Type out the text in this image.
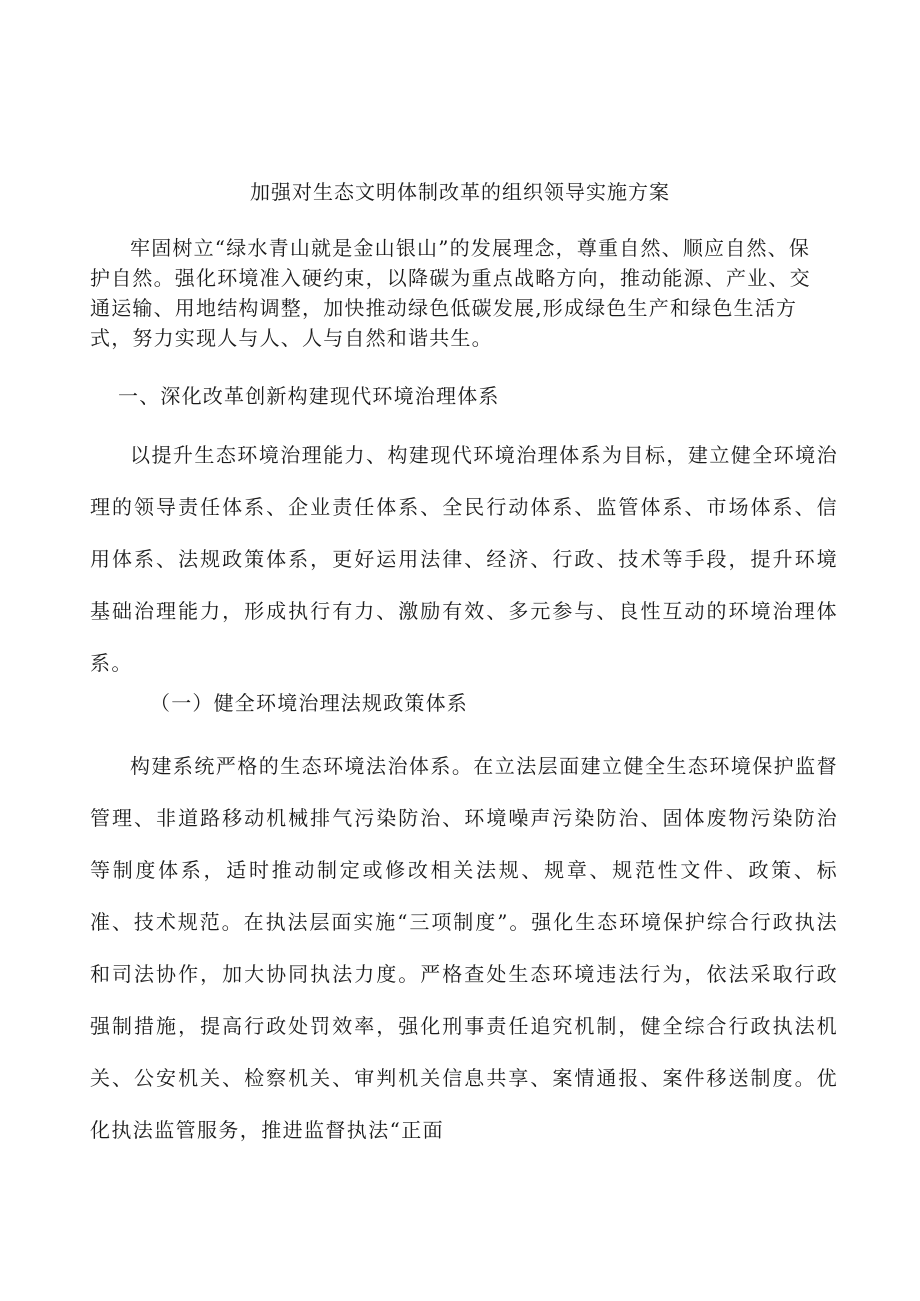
加强对生态文明体制改革的组织领导实施方案

牢固树立“绿水青山就是金山银山”的发展理念，尊重自然、顺应自然、保护自然。强化环境准入硬约束，以降碳为重点战略方向，推动能源、产业、交通运输、用地结构调整，加快推动绿色低碳发展,形成绿色生产和绿色生活方式，努力实现人与人、人与自然和谐共生。

一、深化改革创新构建现代环境治理体系

以提升生态环境治理能力、构建现代环境治理体系为目标，建立健全环境治理的领导责任体系、企业责任体系、全民行动体系、监管体系、市场体系、信用体系、法规政策体系，更好运用法律、经济、行政、技术等手段，提升环境基础治理能力，形成执行有力、激励有效、多元参与、良性互动的环境治理体系。

（一）健全环境治理法规政策体系

构建系统严格的生态环境法治体系。在立法层面建立健全生态环境保护监督管理、非道路移动机械排气污染防治、环境噪声污染防治、固体废物污染防治等制度体系，适时推动制定或修改相关法规、规章、规范性文件、政策、标准、技术规范。在执法层面实施“三项制度”。强化生态环境保护综合行政执法和司法协作，加大协同执法力度。严格查处生态环境违法行为，依法采取行政强制措施，提高行政处罚效率，强化刑事责任追究机制，健全综合行政执法机关、公安机关、检察机关、审判机关信息共享、案情通报、案件移送制度。优化执法监管服务，推进监督执法“正面
